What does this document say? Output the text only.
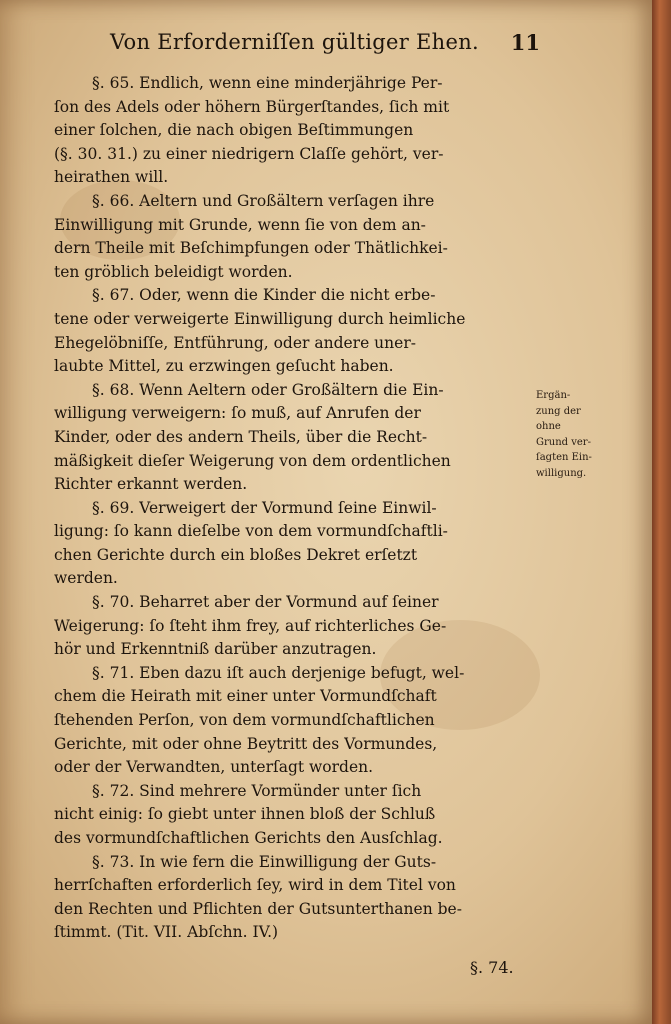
Von Erforderniſſen gültiger Ehen. 11
§. 65. Endlich, wenn eine minderjährige Per-
ſon des Adels oder höhern Bürgerſtandes, ſich mit
einer ſolchen, die nach obigen Beſtimmungen
(§. 30. 31.) zu einer niedrigern Claſſe gehört, ver-
heirathen will.
§. 66. Aeltern und Großältern verſagen ihre
Einwilligung mit Grunde, wenn ſie von dem an-
dern Theile mit Beſchimpfungen oder Thätlichkei-
ten gröblich beleidigt worden.
§. 67. Oder, wenn die Kinder die nicht erbe-
tene oder verweigerte Einwilligung durch heimliche
Ehegelöbniſſe, Entführung, oder andere uner-
laubte Mittel, zu erzwingen geſucht haben.
§. 68. Wenn Aeltern oder Großältern die Ein-
willigung verweigern: ſo muß, auf Anrufen der
Kinder, oder des andern Theils, über die Recht-
mäßigkeit dieſer Weigerung von dem ordentlichen
Richter erkannt werden.
§. 69. Verweigert der Vormund ſeine Einwil-
ligung: ſo kann dieſelbe von dem vormundſchaftli-
chen Gerichte durch ein bloßes Dekret erſetzt
werden.
§. 70. Beharret aber der Vormund auf ſeiner
Weigerung: ſo ſteht ihm frey, auf richterliches Ge-
hör und Erkenntniß darüber anzutragen.
§. 71. Eben dazu iſt auch derjenige befugt, wel-
chem die Heirath mit einer unter Vormundſchaft
ſtehenden Perſon, von dem vormundſchaftlichen
Gerichte, mit oder ohne Beytritt des Vormundes,
oder der Verwandten, unterſagt worden.
§. 72. Sind mehrere Vormünder unter ſich
nicht einig: ſo giebt unter ihnen bloß der Schluß
des vormundſchaftlichen Gerichts den Ausſchlag.
§. 73. In wie fern die Einwilligung der Guts-
herrſchaften erforderlich ſey, wird in dem Titel von
den Rechten und Pflichten der Gutsunterthanen be-
ſtimmt. (Tit. VII. Abſchn. IV.)
Ergän-
zung der
ohne
Grund ver-
ſagten Ein-
willigung.
§. 74.
